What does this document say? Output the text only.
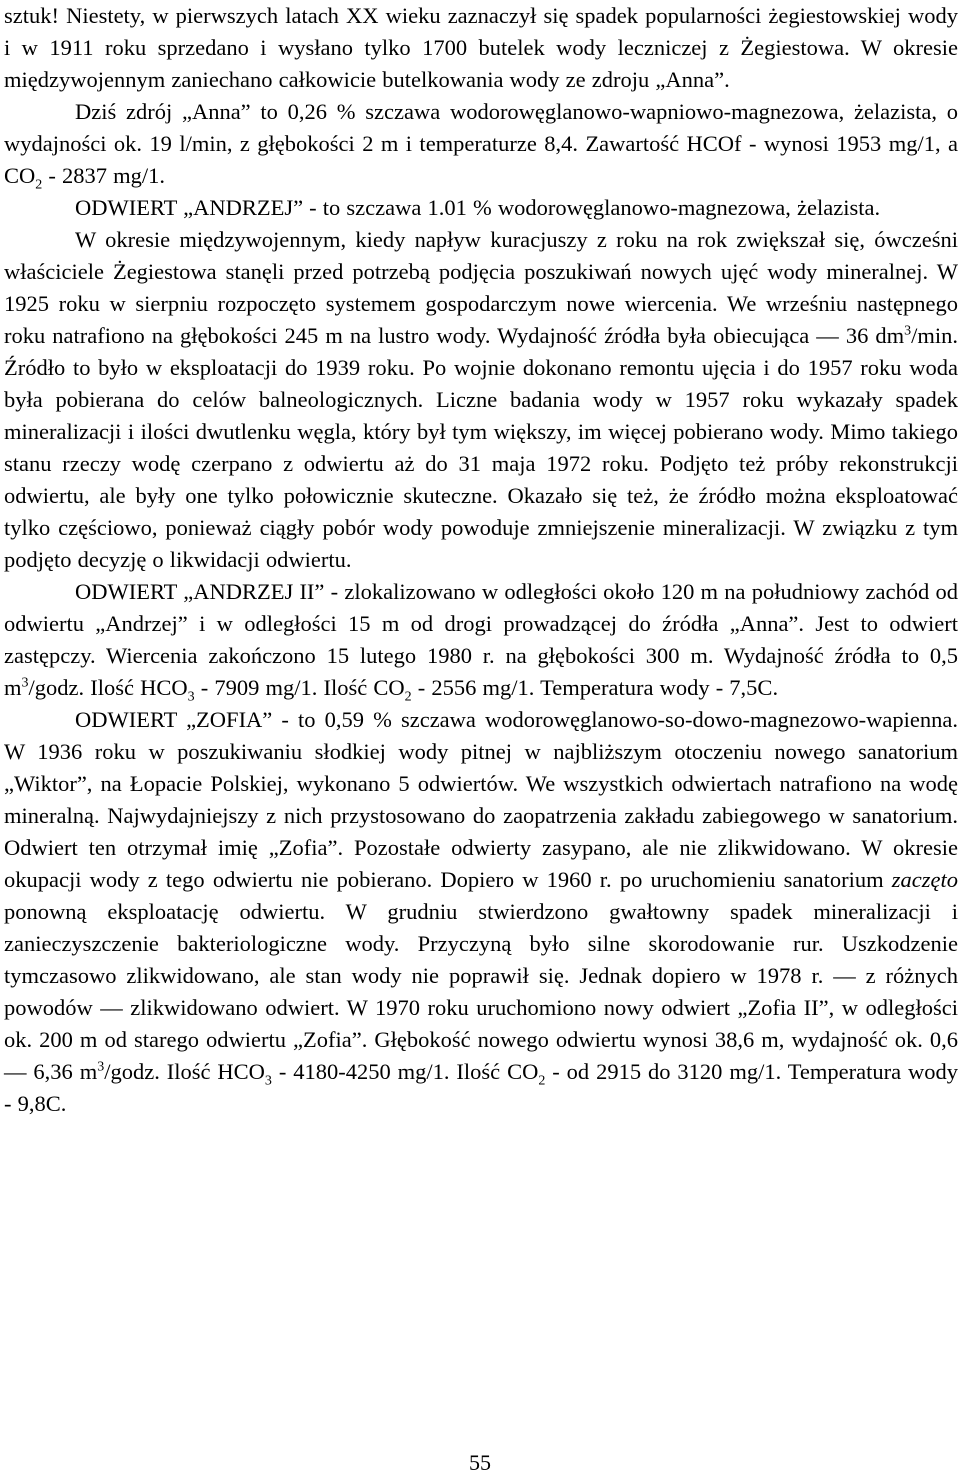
sztuk! Niestety, w pierwszych latach XX wieku zaznaczył się spadek popularności żegiestowskiej wody i w 1911 roku sprzedano i wysłano tylko 1700 butelek wody leczniczej z Żegiestowa. W okresie międzywojennym zaniechano całkowicie butelkowania wody ze zdroju „Anna”.

Dziś zdrój „Anna” to 0,26 % szczawa wodorowęglanowo-wapniowo-magnezowa, żelazista, o wydajności ok. 19 l/min, z głębokości 2 m i temperaturze 8,4. Zawartość HCOf - wynosi 1953 mg/1, a $CO_2 - 2837$ mg/1.

ODWIERT „ANDRZEJ” - to szczawa 1.01 % wodorowęglanowo-magnezowa, żelazista.

W okresie międzywojennym, kiedy napływ kuracjuszy z roku na rok zwiększał się, ówcześni właściciele Żegiestowa stanęli przed potrzebą podjęcia poszukiwań nowych ujęć wody mineralnej. W 1925 roku w sierpniu rozpoczęto systemem gospodarczym nowe wiercenia. We wrześniu następnego roku natrafiono na głębokości 245 m na lustro wody. Wydajność źródła była obiecująca — 36 $dm^3/\min$. Źródło to było w eksploatacji do 1939 roku. Po wojnie dokonano remontu ujęcia i do 1957 roku woda była pobierana do celów balneologicznych. Liczne badania wody w 1957 roku wykazały spadek mineralizacji i ilości dwutlenku węgla, który był tym większy, im więcej pobierano wody. Mimo takiego stanu rzeczy wodę czerpano z odwiertu aż do 31 maja 1972 roku. Podjęto też próby rekonstrukcji odwiertu, ale były one tylko połowicznie skuteczne. Okazało się też, że źródło można eksploatować tylko częściowo, ponieważ ciągły pobór wody powoduje zmniejszenie mineralizacji. W związku z tym podjęto decyzję o likwidacji odwiertu.

ODWIERT „ANDRZEJ II” - zlokalizowano w odległości około 120 m na południowy zachód od odwiertu „Andrzej” i w odległości 15 m od drogi prowadzącej do źródła „Anna”. Jest to odwiert zastępczy. Wiercenia zakończono 15 lutego 1980 r. na głębokości 300 m. Wydajność źródła to 0,5 $m^3$/godz. Ilość $HCO_3 - 7909$ mg/1. Ilość $CO_2 - 2556$ mg/1. Temperatura wody - 7,5C.

ODWIERT „ZOFIA” - to 0,59 % szczawa wodorowęglanowo-so-dowo-magnezowo-wapienna. W 1936 roku w poszukiwaniu słodkiej wody pitnej w najbliższym otoczeniu nowego sanatorium „Wiktor”, na Łopacie Polskiej, wykonano 5 odwiertów. We wszystkich odwiertach natrafiono na wodę mineralną. Najwydajniejszy z nich przystosowano do zaopatrzenia zakładu zabiegowego w sanatorium. Odwiert ten otrzymał imię „Zofia”. Pozostałe odwierty zasypano, ale nie zlikwidowano. W okresie okupacji wody z tego odwiertu nie pobierano. Dopiero w 1960 r. po uruchomieniu sanatorium zaczęto ponowną eksploatację odwiertu. W grudniu stwierdzono gwałtowny spadek mineralizacji i zanieczyszczenie bakteriologiczne wody. Przyczyną było silne skorodowanie rur. Uszkodzenie tymczasowo zlikwidowano, ale stan wody nie poprawił się. Jednak dopiero w 1978 r. — z różnych powodów — zlikwidowano odwiert. W 1970 roku uruchomiono nowy odwiert „Zofia II”, w odległości ok. 200 m od starego odwiertu „Zofia”. Głębokość nowego odwiertu wynosi 38,6 m, wydajność ok. 0,6 — 6,36 $m^3$/godz. Ilość $HCO_3 - 4180-4250$ mg/1. Ilość $CO_2$ - od 2915 do 3120 mg/1. Temperatura wody - 9,8C.

55
